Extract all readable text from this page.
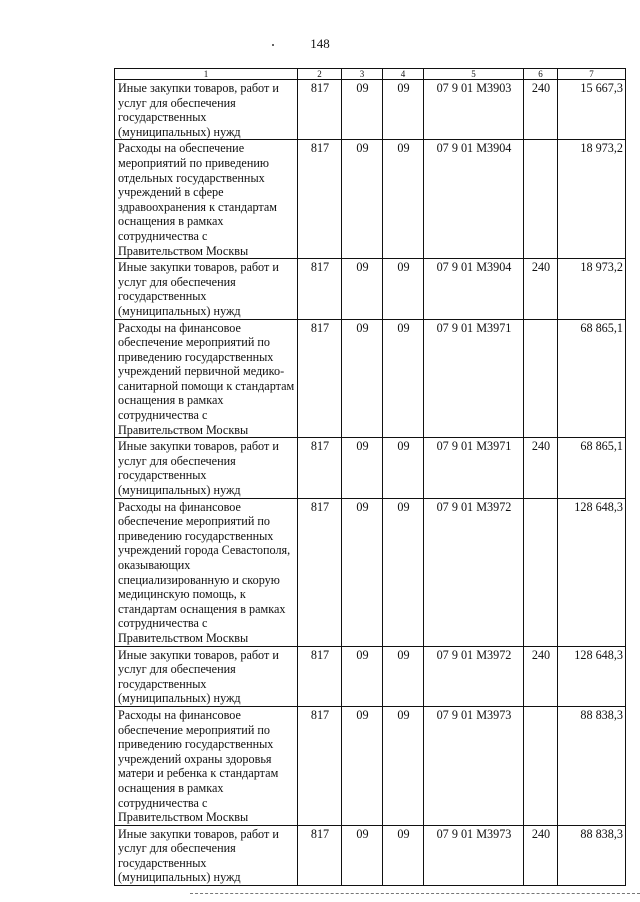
148
1	2	3	4	5	6	7
Иные закупки товаров, работ и услуг для обеспечения государственных (муниципальных) нужд	817	09	09	07 9 01 М3903	240	15 667,3
Расходы на обеспечение мероприятий по приведению отдельных государственных учреждений в сфере здравоохранения к стандартам оснащения в рамках сотрудничества с Правительством Москвы	817	09	09	07 9 01 М3904		18 973,2
Иные закупки товаров, работ и услуг для обеспечения государственных (муниципальных) нужд	817	09	09	07 9 01 М3904	240	18 973,2
Расходы на финансовое обеспечение мероприятий по приведению государственных учреждений первичной медико-санитарной помощи к стандартам оснащения в рамках сотрудничества с Правительством Москвы	817	09	09	07 9 01 М3971		68 865,1
Иные закупки товаров, работ и услуг для обеспечения государственных (муниципальных) нужд	817	09	09	07 9 01 М3971	240	68 865,1
Расходы на финансовое обеспечение мероприятий по приведению государственных учреждений города Севастополя, оказывающих специализированную и скорую медицинскую помощь, к стандартам оснащения в рамках сотрудничества с Правительством Москвы	817	09	09	07 9 01 М3972		128 648,3
Иные закупки товаров, работ и услуг для обеспечения государственных (муниципальных) нужд	817	09	09	07 9 01 М3972	240	128 648,3
Расходы на финансовое обеспечение мероприятий по приведению государственных учреждений охраны здоровья матери и ребенка к стандартам оснащения в рамках сотрудничества с Правительством Москвы	817	09	09	07 9 01 М3973		88 838,3
Иные закупки товаров, работ и услуг для обеспечения государственных (муниципальных) нужд	817	09	09	07 9 01 М3973	240	88 838,3
